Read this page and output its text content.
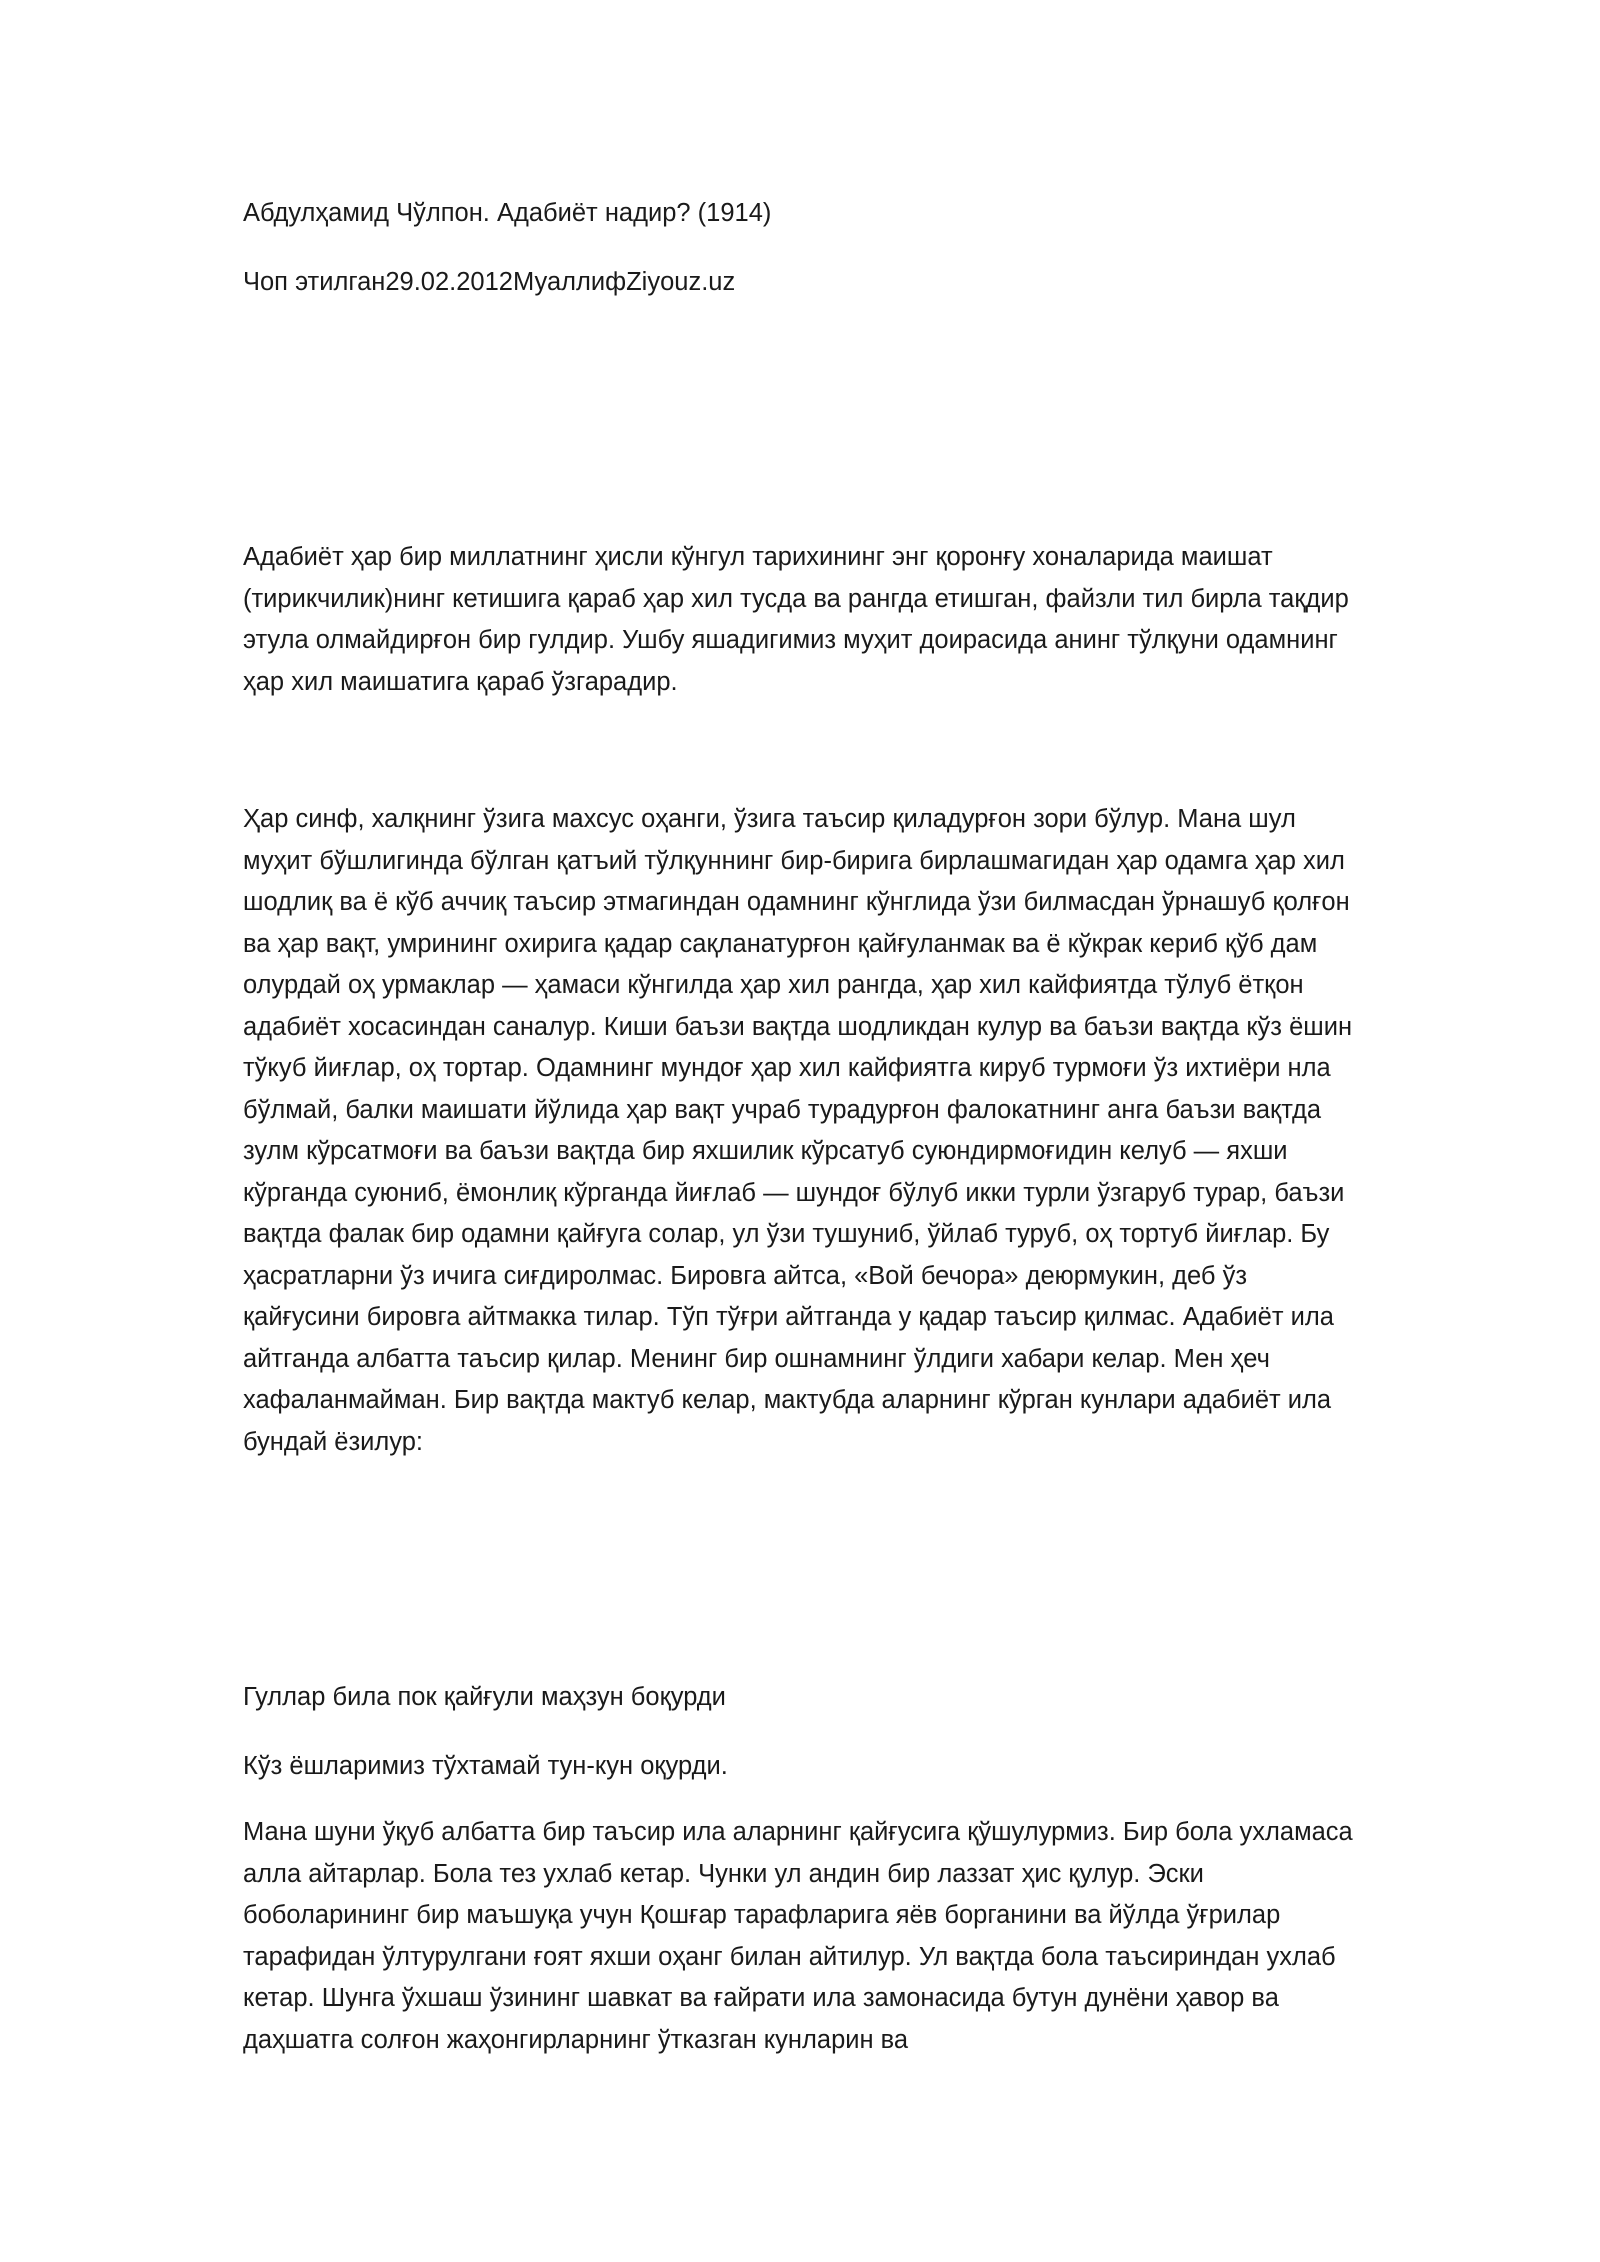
Абдулҳамид Чўлпон. Адабиёт надир? (1914)

Чоп этилган29.02.2012МуаллифZiyouz.uz

Адабиёт ҳар бир миллатнинг ҳисли кўнгул тарихининг энг қоронғу хоналарида маишат (тирикчилик)нинг кетишига қараб ҳар хил тусда ва рангда етишган, файзли тил бирла тақдир этула олмайдирғон бир гулдир. Ушбу яшадигимиз муҳит доирасида анинг тўлқуни одамнинг ҳар хил маишатига қараб ўзгарадир.

Ҳар синф, халқнинг ўзига махсус оҳанги, ўзига таъсир қиладурғон зори бўлур. Мана шул муҳит бўшлигинда бўлган қатъий тўлқуннинг бир-бирига бирлашмагидан ҳар одамга ҳар хил шодлиқ ва ё кўб аччиқ таъсир этмагиндан одамнинг кўнглида ўзи билмасдан ўрнашуб қолғон ва ҳар вақт, умрининг охирига қадар сақланатурғон қайғуланмак ва ё кўкрак кериб қўб дам олурдай оҳ урмаклар — ҳамаси кўнгилда ҳар хил рангда, ҳар хил кайфиятда тўлуб ётқон адабиёт хосасиндан саналур. Киши баъзи вақтда шодликдан кулур ва баъзи вақтда кўз ёшин тўкуб йиғлар, оҳ тортар. Одамнинг мундоғ ҳар хил кайфиятга кируб турмоғи ўз ихтиёри нла бўлмай, балки маишати йўлида ҳар вақт учраб турадурғон фалокатнинг анга баъзи вақтда зулм кўрсатмоғи ва баъзи вақтда бир яхшилик кўрсатуб суюндирмоғидин келуб — яхши кўрганда суюниб, ёмонлиқ кўрганда йиғлаб — шундоғ бўлуб икки турли ўзгаруб турар, баъзи вақтда фалак бир одамни қайғуга солар, ул ўзи тушуниб, ўйлаб туруб, оҳ тортуб йиғлар. Бу ҳасратларни ўз ичига сиғдиролмас. Бировга айтса, «Вой бечора» деюрмукин, деб ўз қайғусини бировга айтмакка тилар. Тўп тўғри айтганда у қадар таъсир қилмас. Адабиёт ила айтганда албатта таъсир қилар. Менинг бир ошнамнинг ўлдиги хабари келар. Мен ҳеч хафаланмайман. Бир вақтда мактуб келар, мактубда аларнинг кўрган кунлари адабиёт ила бундай ёзилур:

Гуллар била пок қайғули маҳзун боқурди

Кўз ёшларимиз тўхтамай тун-кун оқурди.

Мана шуни ўқуб албатта бир таъсир ила аларнинг қайғусига қўшулурмиз. Бир бола ухламаса алла айтарлар. Бола тез ухлаб кетар. Чунки ул андин бир лаззат ҳис қулур. Эски боболарининг бир маъшуқа учун Қошғар тарафларига яёв борганини ва йўлда ўғрилар тарафидан ўлтурулгани ғоят яхши оҳанг билан айтилур. Ул вақтда бола таъсириндан ухлаб кетар. Шунга ўхшаш ўзининг шавкат ва ғайрати ила замонасида бутун дунёни ҳавор ва даҳшатга солғон жаҳонгирларнинг ўтказган кунларин ва
